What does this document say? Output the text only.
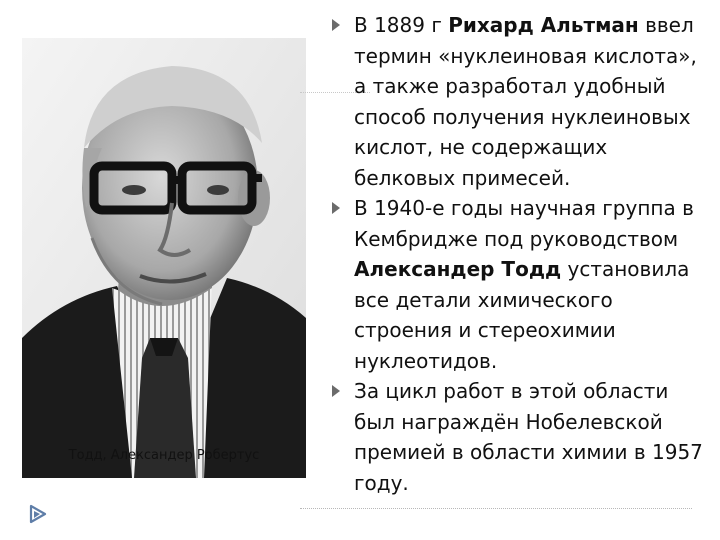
Тодд, Александер Робертус
В 1889 г Рихард Альтман ввел термин «нуклеиновая кислота», а также разработал удобный способ получения нуклеиновых кислот, не содержащих белковых примесей.
В 1940-е годы научная группа в Кембридже под руководством Александер Тодд установила все детали химического строения и стереохимии нуклеотидов.
За цикл работ в этой области был награждён Нобелевской премией в области химии в 1957 году.
